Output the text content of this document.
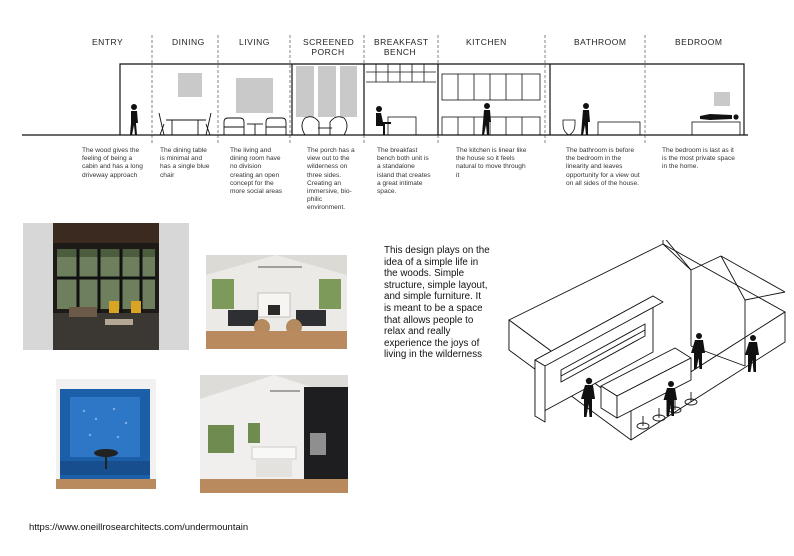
ENTRY	DINING	LIVING	SCREENED PORCH
BREAKFAST BENCH
KITCHEN	BATHROOM	BEDROOM
The wood gives the feeling of being a cabin and has a long driveway approach
The dining table is minimal and has a single blue chair
The living and dining room have no division creating an open concept for the more social areas
The porch has a view out to the wilderness on three sides. Creating an immersive, bio-philic environment.
The breakfast bench both unit is a standalone island that creates a great intimate space.
The kitchen is linear like the house so it feels natural to move through it
The bathroom is before the bedroom in the linearity and leaves opportunity for a view out on all sides of the house.
The bedroom is last as it is the most private space in the home.
This design plays on the idea of a simple life in the woods. Simple structure, simple layout, and simple furniture. It is meant to be a space that allows people to relax and really experience the joys of living in the wilderness
https://www.oneillrosearchitects.com/undermountain
